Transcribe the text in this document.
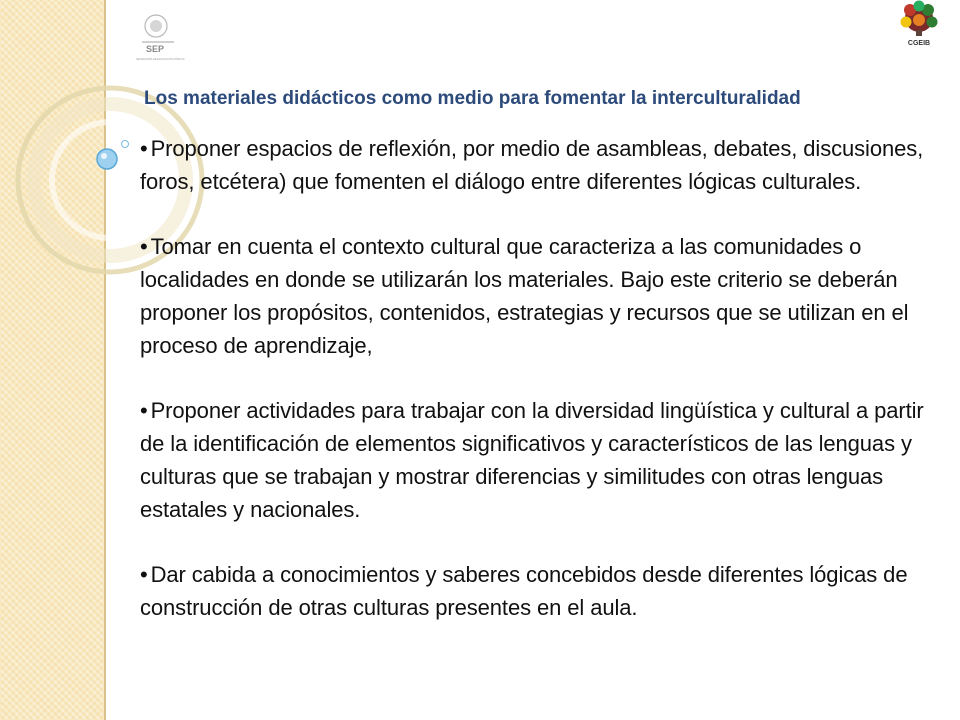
SEP
SECRETARÍA DE EDUCACIÓN PÚBLICA
CGEIB
Los materiales didácticos como medio para fomentar la interculturalidad
• Proponer espacios de reflexión, por medio de asambleas, debates, discusiones, foros, etcétera) que fomenten el diálogo entre diferentes lógicas culturales.
• Tomar en cuenta el contexto cultural que caracteriza a las comunidades o localidades en donde se utilizarán los materiales. Bajo este criterio se deberán proponer los propósitos, contenidos, estrategias y recursos que se utilizan en el proceso de aprendizaje,
• Proponer actividades para trabajar con la diversidad lingüística y cultural a partir de la identificación de elementos significativos y característicos de las lenguas y culturas que se trabajan y mostrar diferencias y similitudes con otras lenguas estatales y nacionales.
• Dar cabida a conocimientos y saberes concebidos desde diferentes lógicas de construcción de otras culturas presentes en el aula.
